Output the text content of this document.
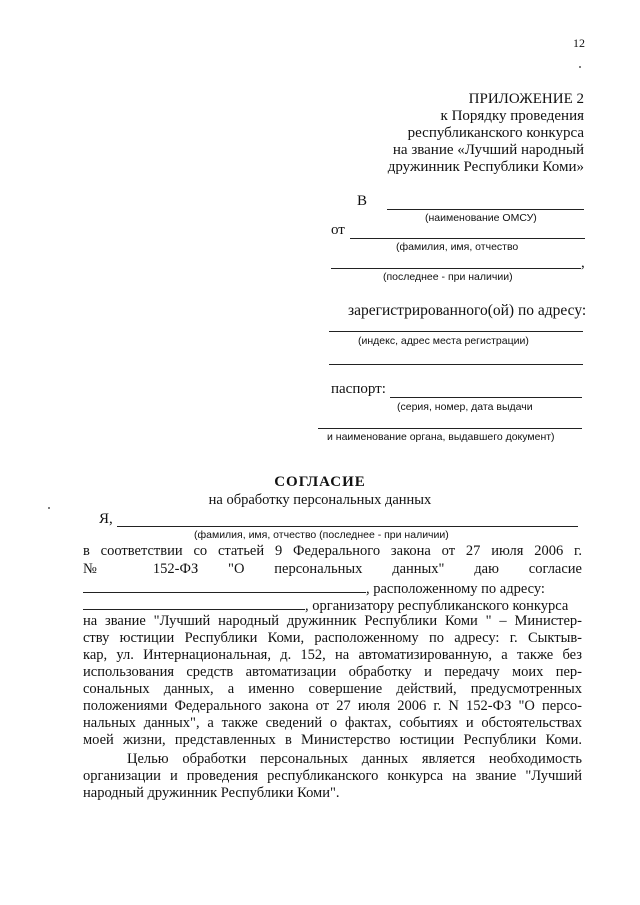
12
ПРИЛОЖЕНИЕ 2
к Порядку проведения
республиканского конкурса
на звание «Лучший народный
дружинник Республики Коми»
В
(наименование ОМСУ)
от
(фамилия, имя, отчество
,
(последнее - при наличии)
зарегистрированного(ой) по адресу:
(индекс, адрес места регистрации)
паспорт:
(серия, номер, дата выдачи
и наименование органа, выдавшего документ)
СОГЛАСИЕ
на обработку персональных данных
Я,
(фамилия, имя, отчество (последнее - при наличии)
в соответствии со статьей 9 Федерального закона от 27 июля 2006 г.
№ 152-ФЗ "О персональных данных" даю согласие
, расположенному по адресу:
, организатору республиканского конкурса
на звание "Лучший народный дружинник Республики Коми " – Министер-
ству юстиции Республики Коми, расположенному по адресу: г. Сыктыв-
кар, ул. Интернациональная, д. 152, на автоматизированную, а также без
использования средств автоматизации обработку и передачу моих пер-
сональных данных, а именно совершение действий, предусмотренных
положениями Федерального закона от 27 июля 2006 г. N 152-ФЗ "О персо-
нальных данных", а также сведений о фактах, событиях и обстоятельствах
моей жизни, представленных в Министерство юстиции Республики Коми.
Целью обработки персональных данных является необходимость
организации и проведения республиканского конкурса на звание "Лучший
народный дружинник Республики Коми".
